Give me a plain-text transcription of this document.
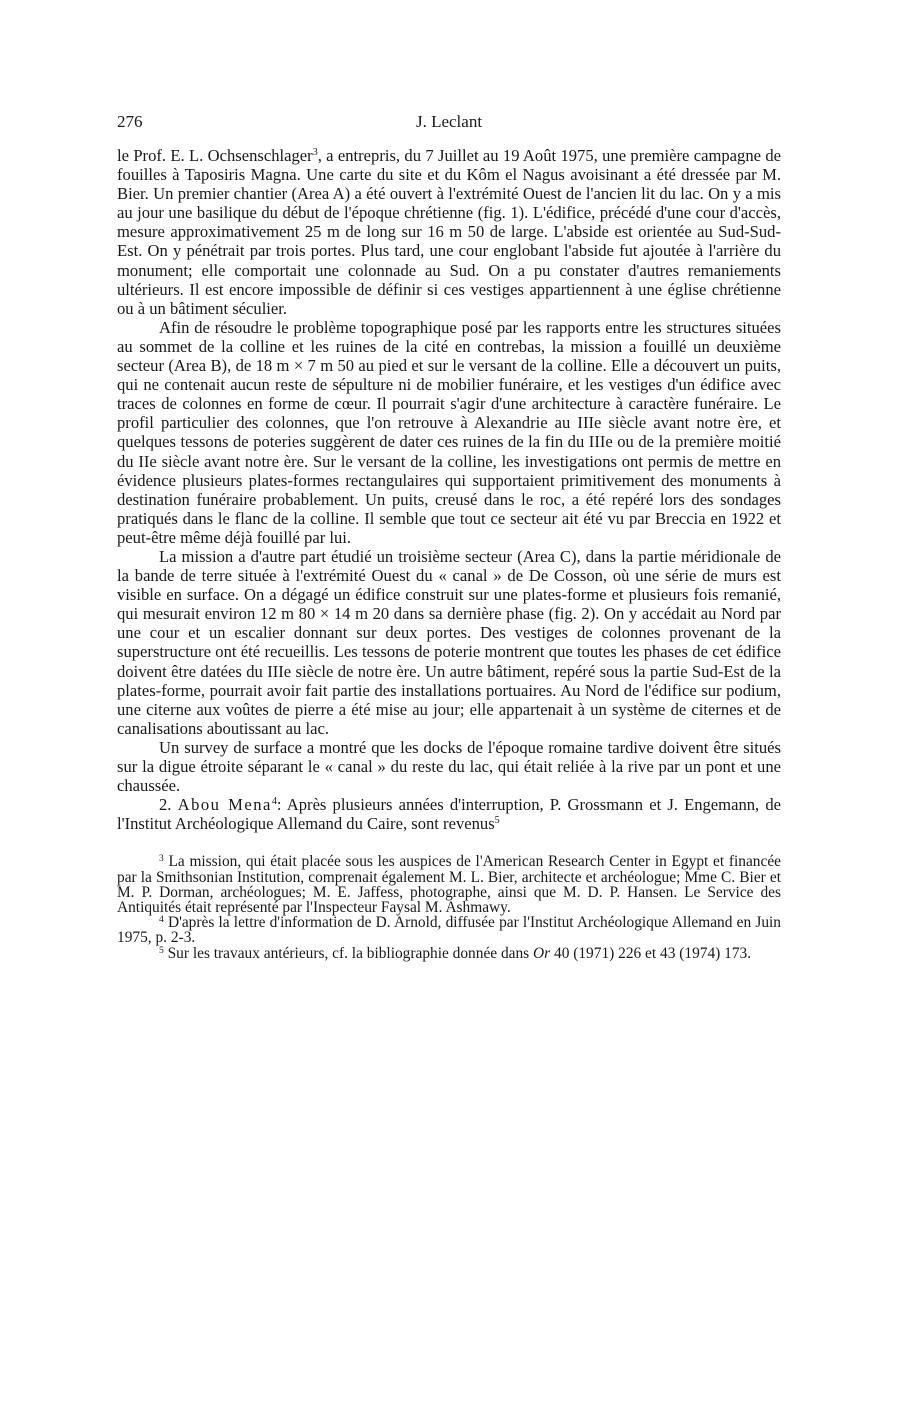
276	J. Leclant

le Prof. E. L. Ochsenschlager$^3$, a entrepris, du 7 Juillet au 19 Août 1975, une première campagne de fouilles à Taposiris Magna. Une carte du site et du Kôm el Nagus avoisinant a été dressée par M. Bier. Un premier chantier (Area A) a été ouvert à l'extrémité Ouest de l'ancien lit du lac. On y a mis au jour une basilique du début de l'époque chrétienne (fig. 1). L'édifice, précédé d'une cour d'accès, mesure approximativement 25 m de long sur 16 m 50 de large. L'abside est orientée au Sud-Sud-Est. On y pénétrait par trois portes. Plus tard, une cour englobant l'abside fut ajoutée à l'arrière du monument; elle comportait une colonnade au Sud. On a pu constater d'autres remaniements ultérieurs. Il est encore impossible de définir si ces vestiges appartiennent à une église chrétienne ou à un bâtiment séculier.

Afin de résoudre le problème topographique posé par les rapports entre les structures situées au sommet de la colline et les ruines de la cité en contrebas, la mission a fouillé un deuxième secteur (Area B), de 18 m × 7 m 50 au pied et sur le versant de la colline. Elle a découvert un puits, qui ne contenait aucun reste de sépulture ni de mobilier funéraire, et les vestiges d'un édifice avec traces de colonnes en forme de cœur. Il pourrait s'agir d'une architecture à caractère funéraire. Le profil particulier des colonnes, que l'on retrouve à Alexandrie au IIIe siècle avant notre ère, et quelques tessons de poteries suggèrent de dater ces ruines de la fin du IIIe ou de la première moitié du IIe siècle avant notre ère. Sur le versant de la colline, les investigations ont permis de mettre en évidence plusieurs plates-formes rectangulaires qui supportaient primitivement des monuments à destination funéraire probablement. Un puits, creusé dans le roc, a été repéré lors des sondages pratiqués dans le flanc de la colline. Il semble que tout ce secteur ait été vu par Breccia en 1922 et peut-être même déjà fouillé par lui.

La mission a d'autre part étudié un troisième secteur (Area C), dans la partie méridionale de la bande de terre située à l'extrémité Ouest du « canal » de De Cosson, où une série de murs est visible en surface. On a dégagé un édifice construit sur une plates-forme et plusieurs fois remanié, qui mesurait environ 12 m 80 × 14 m 20 dans sa dernière phase (fig. 2). On y accédait au Nord par une cour et un escalier donnant sur deux portes. Des vestiges de colonnes provenant de la superstructure ont été recueillis. Les tessons de poterie montrent que toutes les phases de cet édifice doivent être datées du IIIe siècle de notre ère. Un autre bâtiment, repéré sous la partie Sud-Est de la plates-forme, pourrait avoir fait partie des installations portuaires. Au Nord de l'édifice sur podium, une citerne aux voûtes de pierre a été mise au jour; elle appartenait à un système de citernes et de canalisations aboutissant au lac.

Un survey de surface a montré que les docks de l'époque romaine tardive doivent être situés sur la digue étroite séparant le « canal » du reste du lac, qui était reliée à la rive par un pont et une chaussée.

2. Abou Mena$^4$: Après plusieurs années d'interruption, P. Grossmann et J. Engemann, de l'Institut Archéologique Allemand du Caire, sont revenus$^5$

$^3$ La mission, qui était placée sous les auspices de l'American Research Center in Egypt et financée par la Smithsonian Institution, comprenait également M. L. Bier, architecte et archéologue; Mme C. Bier et M. P. Dorman, archéologues; M. E. Jaffess, photographe, ainsi que M. D. P. Hansen. Le Service des Antiquités était représenté par l'Inspecteur Faysal M. Ashmawy.

$^4$ D'après la lettre d'information de D. Arnold, diffusée par l'Institut Archéologique Allemand en Juin 1975, p. 2-3.

$^5$ Sur les travaux antérieurs, cf. la bibliographie donnée dans Or 40 (1971) 226 et 43 (1974) 173.
